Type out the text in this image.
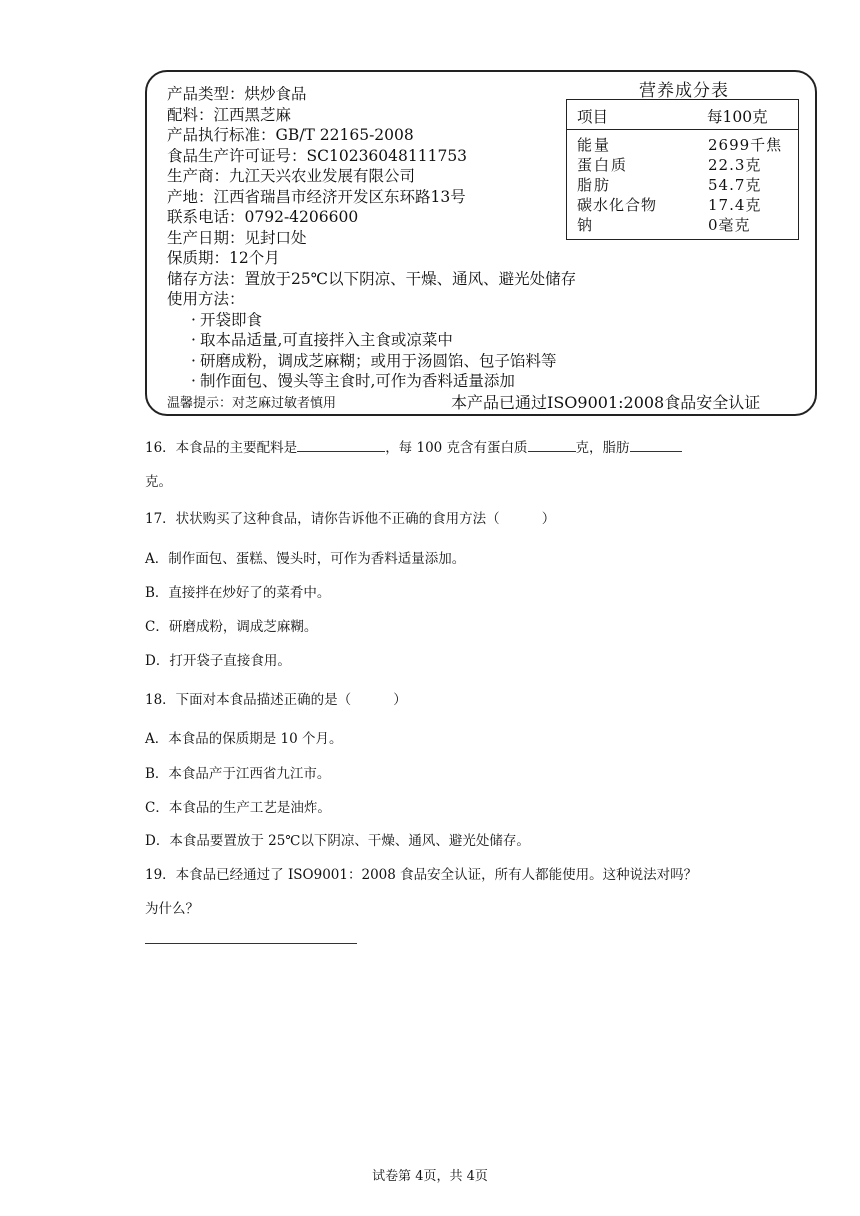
产品类型：烘炒食品
配料：江西黑芝麻
产品执行标准：GB/T 22165-2008
食品生产许可证号：SC10236048111753
生产商：九江天兴农业发展有限公司
产地：江西省瑞昌市经济开发区东环路13号
联系电话：0792-4206600
生产日期：见封口处
保质期：12个月
储存方法：置放于25℃以下阴凉、干燥、通风、避光处储存
使用方法：
· 开袋即食
· 取本品适量,可直接拌入主食或凉菜中
· 研磨成粉，调成芝麻糊；或用于汤圆馅、包子馅料等
· 制作面包、馒头等主食时,可作为香料适量添加
营养成分表
项目	每100克
能量	2699千焦
蛋白质	22.3克
脂肪	54.7克
碳水化合物	17.4克
钠	0毫克
温馨提示：对芝麻过敏者慎用	本产品已通过ISO9001:2008食品安全认证
16．本食品的主要配料是	，每 100 克含有蛋白质	克，脂肪
克。
17．状状购买了这种食品，请你告诉他不正确的食用方法（	）
A．制作面包、蛋糕、馒头时，可作为香料适量添加。
B．直接拌在炒好了的菜肴中。
C．研磨成粉，调成芝麻糊。
D．打开袋子直接食用。
18．下面对本食品描述正确的是（	）
A．本食品的保质期是 10 个月。
B．本食品产于江西省九江市。
C．本食品的生产工艺是油炸。
D．本食品要置放于 25℃以下阴凉、干燥、通风、避光处储存。
19．本食品已经通过了 ISO9001：2008 食品安全认证，所有人都能使用。这种说法对吗？
为什么？
试卷第 4页，共 4页
